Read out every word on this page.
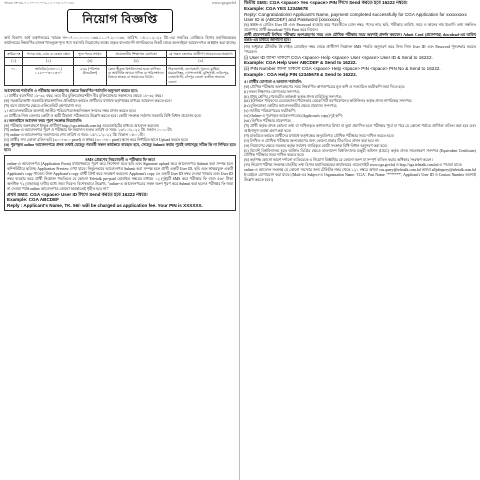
স্মারক নং-৩৬.০১.০০০০.০০৬.১১.০৭৮.২০-১৩৫	www.cga.gov.bd
নিয়োগ বিজ্ঞপ্তি

অর্থ বিভাগ, অর্থ মন্ত্রণালয়ের স্মারক নং-০৭.০০.০০০০.০৬৬.১১.০৭.২০-১৩৮, তারিখ: ০৫.১০.২০২২ খ্রি.-এর সম্মতির প্রেক্ষিতে হিসাব মহানিয়ন্ত্রকের কার্যালয়ের নিম্নবর্ণিত রাজস্ব খাতভুক্ত শূন্য পদে সরাসরি নিয়োগের লক্ষ্যে প্রকৃত বাংলাদেশি নাগরিকদের নিকট থেকে অনলাইনে আবেদনপত্র আহ্বান করা যাচ্ছে।

ক্রমিক নং	পদের নাম, গ্রেড ও বেতন স্কেল	শূন্য পদের সংখ্যা	প্রয়োজনীয় শিক্ষাগত যোগ্যতা	যে সকল জেলার প্রার্থীগণ আবেদনের অযোগ্য
(১)	(২)	(৩)	(৪)	(৫)
০১.	অডিটর (গ্রেড-১১) ১২৫০০-৩০২৩০/-	৫৩৯ (পাঁচশত ঊনচল্লিশ)	কোন স্বীকৃত বিশ্ববিদ্যালয় হতে বাণিজ্য বা অর্থনীতি অথবা গণিত বা পরিসংখ্যান বিষয়ে স্নাতক বা সমমানের ডিগ্রি।	সিরাজগঞ্জ, বাগেরহাট, খুলনা, কুষ্টিয়া, ময়মনসিংহ, গোপালগঞ্জ, মুন্সিগঞ্জ, ফরিদপুর, নোয়াখালী, চাঁদপুর জেলা ব্যতীত অন্যান্য জেলা

আবেদনের শর্তাবলি ও পরীক্ষায় অংশগ্রহণের ক্ষেত্রে নিম্নবর্ণিত শর্তাবলি অনুসরণ করতে হবে:

১। প্রার্থীর বয়সসীমা ১৮-৩২ বছর, তবে বীর মুক্তিযোদ্ধা/শহীদ বীর মুক্তিযোদ্ধার সন্তানদের ক্ষেত্রে ১৮-৩২ বছর।

(ক) সরকারি/আধা-সরকারি/স্বায়ত্তশাসিত প্রতিষ্ঠানে কর্মরত প্রার্থীদের যথাযথ কর্তৃপক্ষের মাধ্যমে আবেদন করতে হবে।

(খ) বয়স প্রমাণের ক্ষেত্রে এফিডেভিট গ্রহণযোগ্য নয়।

২। আবেদনকারীকে অবশ্যই জাতীয় পরিচয়পত্র/জন্মনিবন্ধন সনদের নম্বর প্রদান করতে হবে।

৩। প্রার্থীকে নিজ জেলার কোটা ও স্থায়ী ঠিকানা সঠিকভাবে উল্লেখ করতে হবে। কোটা সংক্রান্ত সর্বশেষ সরকারি বিধি-বিধান প্রযোজ্য হবে।

৪। অনলাইনে আবেদন ফরম পূরণ সংক্রান্ত নিয়মাবলি:

(ক) পরীক্ষায় অংশগ্রহণে ইচ্ছুক প্রার্থীগণ http://cga.teletalk.com.bd ওয়েবসাইটের মাধ্যমে আবেদন করবেন।

(খ) online-এ আবেদনপত্র পূরণ ও পরীক্ষার ফি জমাদান শুরুর তারিখ ও সময়: ১৬/১০/২০২২ খ্রি. সকাল ১০:০০টা।

(গ) online-এ আবেদনপত্র জমাদানের শেষ তারিখ ও সময়: ১৫/১১/২০২২ খ্রি. বিকাল ০৫:০০টা।

(ঘ) প্রার্থীর সদ্য তোলা রঙিন ছবি (৩০০×৩০০ pixel) ও স্বাক্ষর (৩০০×৮০ pixel) স্ক্যান করে নির্ধারিত স্থানে Upload করতে হবে।

(ঙ) পূরণকৃত online আবেদনপত্রে প্রদত্ত তথ্যই যেহেতু পরবর্তী সকল কার্যক্রমে ব্যবহৃত হবে, সেহেতু Submit করার পূর্বেই তথ্যসমূহ সঠিক কি না নিশ্চিত হতে হবে।

SMS প্রেরণের নিয়মাবলী ও পরীক্ষার ফি জমা

online-এ আবেদনপত্র (Application Form) যথাযথভাবে পূরণ করে নির্দেশনা মতে ছবি এবং Signature upload করে আবেদনপত্র Submit করা সম্পন্ন হলে কম্পিউটারে ছবিসহ Application Preview দেখা যাবে। নির্ভুলভাবে আবেদনপত্র Submit করা সম্পন্ন হলে প্রার্থী একটি User ID, ছবি এবং স্বাক্ষরযুক্ত একটি Applicant's copy পাবেন। উক্ত Applicant's copy প্রার্থী প্রিন্ট করে সংরক্ষণ করবেন। Applicant's copy তে একটি User ID নম্বর দেওয়া থাকবে এবং User ID নম্বর ব্যবহার করে প্রার্থী নিম্নোক্ত পদ্ধতিতে যে কোনো Teletalk pre-paid মোবাইল নম্বরের মাধ্যমে ০২ (দুই)টি SMS করে পরীক্ষার ফি বাবদ ৫৬/- টাকা অনধিক ৭২ (বাহাত্তর) ঘণ্টার মধ্যে জমা দিবেন। বিশেষভাবে উল্লেখ্য, "online-এ আবেদনপত্রের সকল অংশ পূরণ করে Submit করা হলেও পরীক্ষার ফি জমা না দেওয়া পর্যন্ত online আবেদনপত্র কোনো অবস্থাতেই গৃহীত হবে না।"

প্রথম SMS: CGA <space> User ID লিখে Send করতে হবে 16222 নম্বরে।

Example: CGA ABCDEF

Reply : Applicant's Name, TK. 56/- will be charged as application fee. Your PIN is XXXXXX.

দ্বিতীয় SMS: CGA <space> Yes <space> PIN লিখে Send করতে হবে 16222 নম্বরে।

Example: CGA YES 12345678

Reply: Congratulations! Applicant's Name, payment completed successfully for CGA Application for xxxxxxxxx User ID is (ABCDEF) and Password (xxxxxxxx).

(ছ) SMS-এ প্রেরিত User ID এবং Password ব্যবহার করে পরবর্তীতে রোল নম্বর, পদের নাম, ছবি, পরীক্ষার তারিখ, সময় ও স্থানের নাম ইত্যাদি তথ্য সম্বলিত প্রবেশপত্র প্রার্থী download পূর্বক Print করে নিবেন।

প্রার্থী প্রবেশপত্রটি লিখিত পরীক্ষায় অংশগ্রহণের সময় এবং মৌখিক পরীক্ষার সময় অবশ্যই প্রদর্শন করবেন। Admit Card (প্রবেশপত্র) download-এর তারিখ SMS-এর মাধ্যমে জানানো হবে।

(জ) শুধুমাত্র টেলিটক প্রি-পেইড মোবাইল নম্বর থেকে প্রার্থীগণ নিম্নোক্ত SMS পদ্ধতি অনুসরণ করে নিজ নিজ User ID এবং Password পুনরুদ্ধার করতে পারবেন।

(i) User ID জানা থাকলে CGA <space> Help <space> User <space> User ID & Send to 16222.

Example: CGA Help User ABCDEF & Send to 16222.

(ii) PIN Number জানা থাকলে CGA <space> Help <space> PIN <space> PIN No & Send to 16222.

Example : CGA Help PIN 12345678 & Send to 16222.

৫। প্রার্থীর যোগ্যতা ও অন্যান্য শর্তাবলি:

(ক) মৌখিক পরীক্ষায় অংশগ্রহণের সময় নিম্নবর্ণিত কাগজপত্রের মূল কপি ও সত্যায়িত ফটোকপি জমা দিতে হবে:

(i) সকল শিক্ষাগত যোগ্যতার সনদপত্র;

(ii) প্রথম শ্রেণির গেজেটেড কর্মকর্তা কর্তৃক প্রদত্ত চারিত্রিক সনদপত্র;

(iii) ইউনিয়ন পরিষদের চেয়ারম্যান/পৌরসভার মেয়র/সিটি কর্পোরেশনের কাউন্সিলর কর্তৃক প্রদত্ত নাগরিকত্ব সনদপত্র;

(iv) মুক্তিযোদ্ধা কোটায় আবেদনকারীর ক্ষেত্রে প্রযোজ্য সনদপত্র;

(v) জাতীয় পরিচয়পত্রের ফটোকপি;

(vi) Online-এ পূরণকৃত আবেদনপত্রের (Applicant's copy) দুই কপি;

(vii) লিখিত পরীক্ষার প্রবেশপত্র।

(খ) প্রার্থী কর্তৃক প্রদত্ত কোনো তথ্য বা দাখিলকৃত কাগজপত্র মিথ্যা বা ভুয়া প্রমাণিত হলে পরীক্ষার পূর্বে বা পরে যে কোনো পর্যায়ে প্রার্থিতা বাতিল করা হবে এবং আইনানুগ ব্যবস্থা গ্রহণ করা হবে।

(গ) চাকরিতে কর্মরত প্রার্থীদের যথাযথ কর্তৃপক্ষের অনুমতিপত্র মৌখিক পরীক্ষার সময় দাখিল করতে হবে।

(ঘ) লিখিত ও মৌখিক পরীক্ষায় অংশগ্রহণের জন্য কোনো প্রকার টিএ/ডিএ প্রদান করা হবে না।

(ঙ) নিয়োগের ক্ষেত্রে সরকার কর্তৃক সর্বশেষ জারিকৃত কোটা সংক্রান্ত বিধি-বিধান অনুসরণ করা হবে।

(চ) বিদেশি বিশ্ববিদ্যালয় হতে অর্জিত ডিগ্রির ক্ষেত্রে বাংলাদেশ বিশ্ববিদ্যালয় মঞ্জুরী কমিশন (UGC) কর্তৃক প্রদত্ত সমতাকরণ সনদপত্র (Equivalent Certificate) মৌখিক পরীক্ষার সময় দাখিল করতে হবে।

(ছ) কর্তৃপক্ষ কোনো কারণ দর্শানো ব্যতিরেকে এ নিয়োগ বিজ্ঞপ্তির যে কোনো অংশ বা সম্পূর্ণ বাতিল করার অধিকার সংরক্ষণ করেন।

(জ) নিয়োগ পরীক্ষা সংক্রান্ত যাবতীয় তথ্য হিসাব মহানিয়ন্ত্রকের কার্যালয়ের ওয়েবসাইট www.cga.gov.bd ও http://cga.teletalk.com.bd এ পাওয়া যাবে।

online-এ আবেদন সংক্রান্ত যে কোনো সমস্যার জন্য টেলিটক নম্বর থেকে ১২১ নম্বরে অথবা vas.query@teletalk.com.bd অথবা alljobquery@teletalk.com.bd ই-মেইলে যোগাযোগ করা যাবে। (Mail-এর Subject-এ Organization Name: 'CGA', Post Name: '*******', Applicant's User ID ও Contact Number অবশ্যই উল্লেখ করতে হবে।)
